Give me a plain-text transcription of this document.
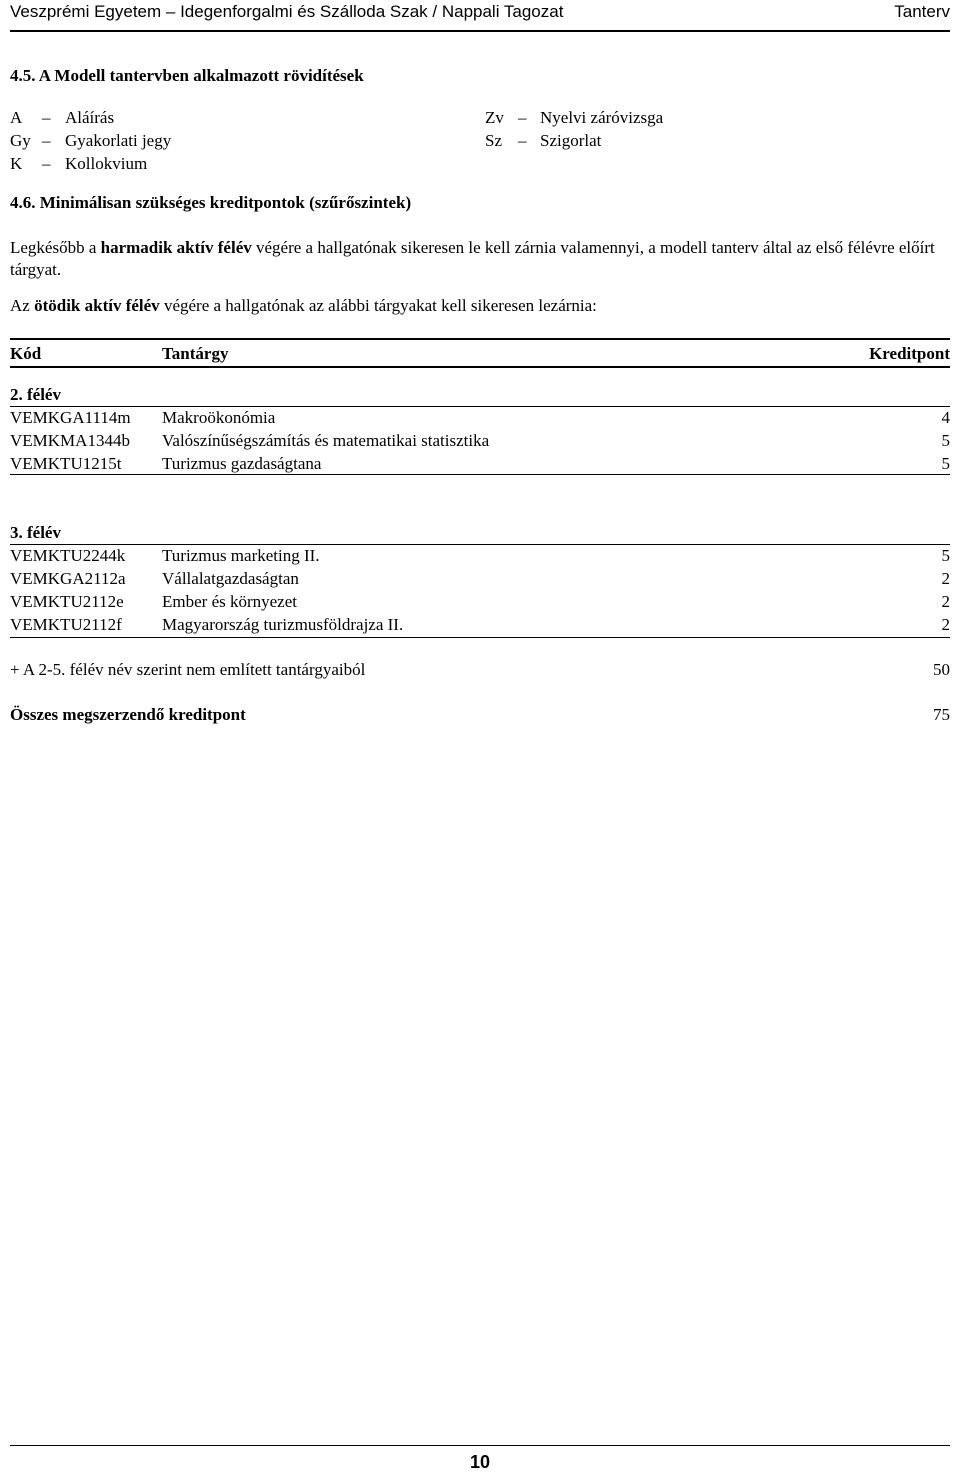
Veszprémi Egyetem – Idegenforgalmi és Szálloda Szak / Nappali Tagozat	Tanterv
4.5. A Modell tantervben alkalmazott rövidítések
A – Aláírás
Gy – Gyakorlati jegy
K – Kollokvium
Zv – Nyelvi záróvizsga
Sz – Szigorlat
4.6. Minimálisan szükséges kreditpontok (szűrőszintek)
Legkésőbb a harmadik aktív félév végére a hallgatónak sikeresen le kell zárnia valamennyi, a modell tanterv által az első félévre előírt tárgyat.
Az ötödik aktív félév végére a hallgatónak az alábbi tárgyakat kell sikeresen lezárnia:
Kód	Tantárgy	Kreditpont
2. félév
VEMKGA1114m Makroökonómia	4
VEMKMA1344b Valószínűségszámítás és matematikai statisztika	5
VEMKTU1215t Turizmus gazdaságtana	5
3. félév
VEMKTU2244k Turizmus marketing II.	5
VEMKGA2112a Vállalatgazdaságtan	2
VEMKTU2112e Ember és környezet	2
VEMKTU2112f Magyarország turizmusföldrajza II.	2
+ A 2-5. félév név szerint nem említett tantárgyaiból	50
Összes megszerzendő kreditpont	75
10
